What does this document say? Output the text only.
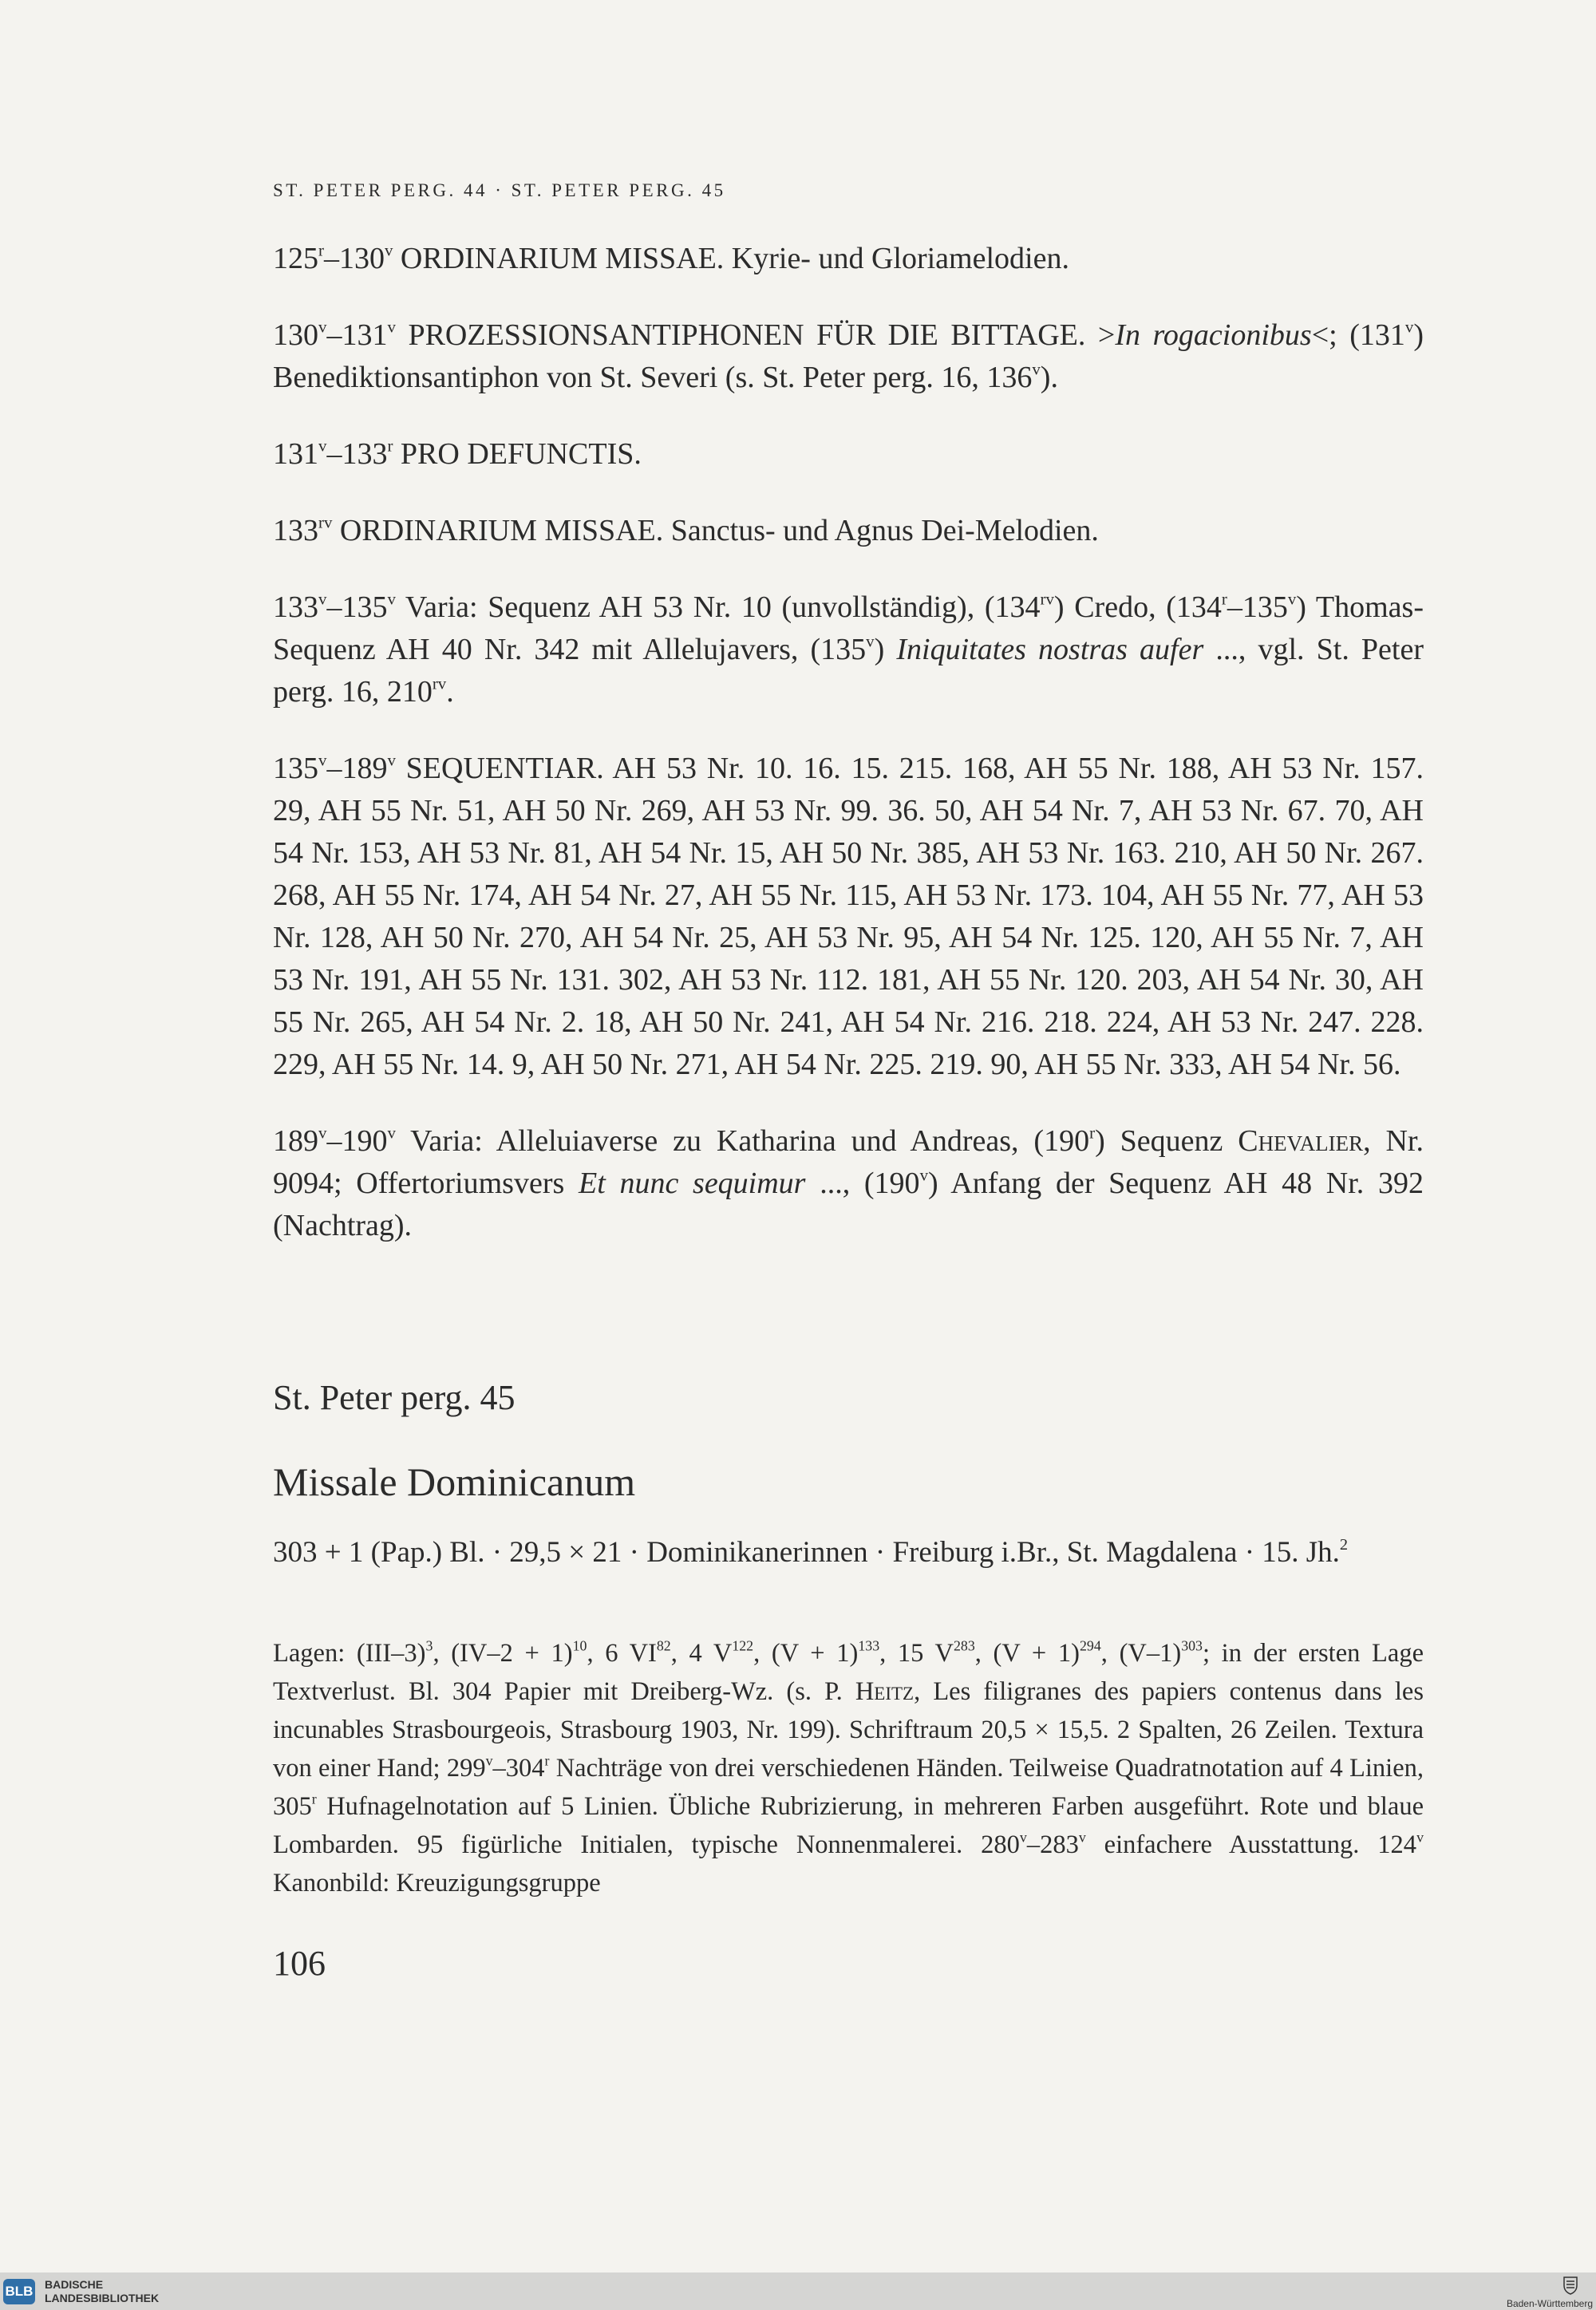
ST. PETER PERG. 44 · ST. PETER PERG. 45

125$^r$–130$^v$ ORDINARIUM MISSAE. Kyrie- und Gloriamelodien.

130$^v$–131$^v$ PROZESSIONSANTIPHONEN FÜR DIE BITTAGE. >In rogacionibus<; (131$^v$) Benediktionsantiphon von St. Severi (s. St. Peter perg. 16, 136$^v$).

131$^v$–133$^r$ PRO DEFUNCTIS.

$133^{rv}$ ORDINARIUM MISSAE. Sanctus- und Agnus Dei-Melodien.

133$^v$–135$^v$ Varia: Sequenz AH 53 Nr. 10 (unvollständig), $(134^{rv})$ Credo, (134$^r$–135$^v$) Thomas-Sequenz AH 40 Nr. 342 mit Allelujavers, (135$^v$) Iniquitates nostras aufer ..., vgl. St. Peter perg. 16, $210^{rv}$.

135$^v$–189$^v$ SEQUENTIAR. AH 53 Nr. 10. 16. 15. 215. 168, AH 55 Nr. 188, AH 53 Nr. 157. 29, AH 55 Nr. 51, AH 50 Nr. 269, AH 53 Nr. 99. 36. 50, AH 54 Nr. 7, AH 53 Nr. 67. 70, AH 54 Nr. 153, AH 53 Nr. 81, AH 54 Nr. 15, AH 50 Nr. 385, AH 53 Nr. 163. 210, AH 50 Nr. 267. 268, AH 55 Nr. 174, AH 54 Nr. 27, AH 55 Nr. 115, AH 53 Nr. 173. 104, AH 55 Nr. 77, AH 53 Nr. 128, AH 50 Nr. 270, AH 54 Nr. 25, AH 53 Nr. 95, AH 54 Nr. 125. 120, AH 55 Nr. 7, AH 53 Nr. 191, AH 55 Nr. 131. 302, AH 53 Nr. 112. 181, AH 55 Nr. 120. 203, AH 54 Nr. 30, AH 55 Nr. 265, AH 54 Nr. 2. 18, AH 50 Nr. 241, AH 54 Nr. 216. 218. 224, AH 53 Nr. 247. 228. 229, AH 55 Nr. 14. 9, AH 50 Nr. 271, AH 54 Nr. 225. 219. 90, AH 55 Nr. 333, AH 54 Nr. 56.

189$^v$–190$^v$ Varia: Alleluiaverse zu Katharina und Andreas, (190$^r$) Sequenz Chevalier, Nr. 9094; Offertoriumsvers Et nunc sequimur ..., (190$^v$) Anfang der Sequenz AH 48 Nr. 392 (Nachtrag).

St. Peter perg. 45
Missale Dominicanum
303 + 1 (Pap.) Bl. · 29,5 × 21 · Dominikanerinnen · Freiburg i.Br., St. Magdalena · 15. Jh.$^2$
Lagen: $(III-3)^3$, $(IV-2 + 1)^{10}$, 6 VI$^{82}$, 4 $V^{122}$, $(V + 1)^{133}$, 15 $V^{283}$, $(V + 1)^{294}$, $(V-1)^{303}$; in der ersten Lage Textverlust. Bl. 304 Papier mit Dreiberg-Wz. (s. P. Heitz, Les filigranes des papiers contenus dans les incunables Strasbourgeois, Strasbourg 1903, Nr. 199). Schriftraum 20,5 × 15,5. 2 Spalten, 26 Zeilen. Textura von einer Hand; 299$^v$–304$^r$ Nachträge von drei verschiedenen Händen. Teilweise Quadratnotation auf 4 Linien, 305$^r$ Hufnagelnotation auf 5 Linien. Übliche Rubrizierung, in mehreren Farben ausgeführt. Rote und blaue Lombarden. 95 figürliche Initialen, typische Nonnenmalerei. 280$^v$–283$^v$ einfachere Ausstattung. 124$^v$ Kanonbild: Kreuzigungsgruppe
106
BLB BADISCHE
LANDESBIBLIOTHEK	Baden-Württemberg
